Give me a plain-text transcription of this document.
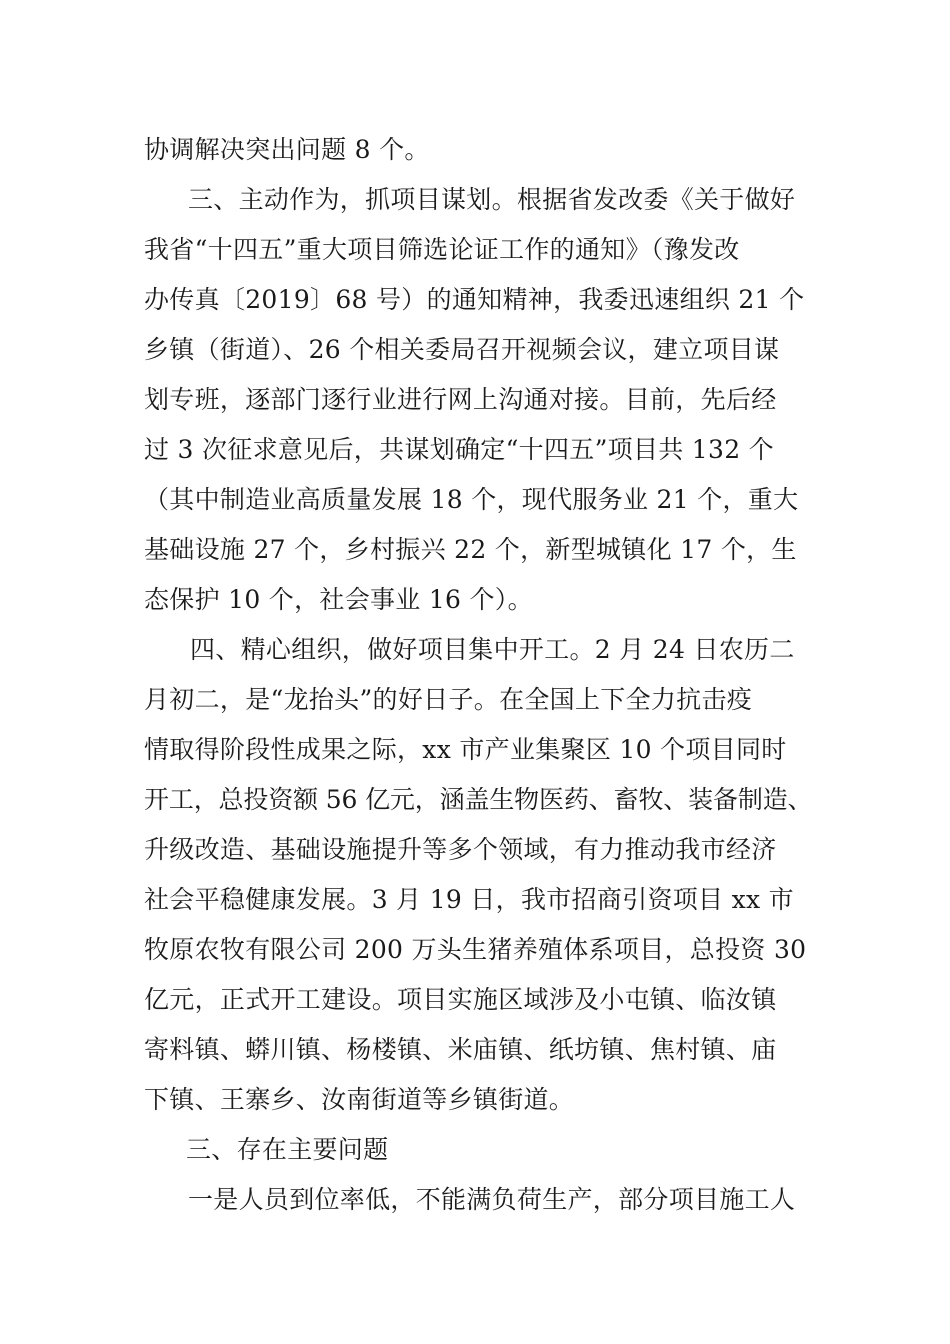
协调解决突出问题 8 个。
三、主动作为，抓项目谋划。根据省发改委《关于做好
我省“十四五”重大项目筛选论证工作的通知》（豫发改
办传真〔2019〕68 号）的通知精神，我委迅速组织 21 个
乡镇（街道）、26 个相关委局召开视频会议，建立项目谋
划专班，逐部门逐行业进行网上沟通对接。目前，先后经
过 3 次征求意见后，共谋划确定“十四五”项目共 132 个
（其中制造业高质量发展 18 个，现代服务业 21 个，重大
基础设施 27 个，乡村振兴 22 个，新型城镇化 17 个，生
态保护 10 个，社会事业 16 个）。
四、精心组织，做好项目集中开工。2 月 24 日农历二
月初二，是“龙抬头”的好日子。在全国上下全力抗击疫
情取得阶段性成果之际，xx 市产业集聚区 10 个项目同时
开工，总投资额 56 亿元，涵盖生物医药、畜牧、装备制造、
升级改造、基础设施提升等多个领域，有力推动我市经济
社会平稳健康发展。3 月 19 日，我市招商引资项目 xx 市
牧原农牧有限公司 200 万头生猪养殖体系项目，总投资 30
亿元，正式开工建设。项目实施区域涉及小屯镇、临汝镇
寄料镇、蟒川镇、杨楼镇、米庙镇、纸坊镇、焦村镇、庙
下镇、王寨乡、汝南街道等乡镇街道。
三、存在主要问题
一是人员到位率低，不能满负荷生产，部分项目施工人
